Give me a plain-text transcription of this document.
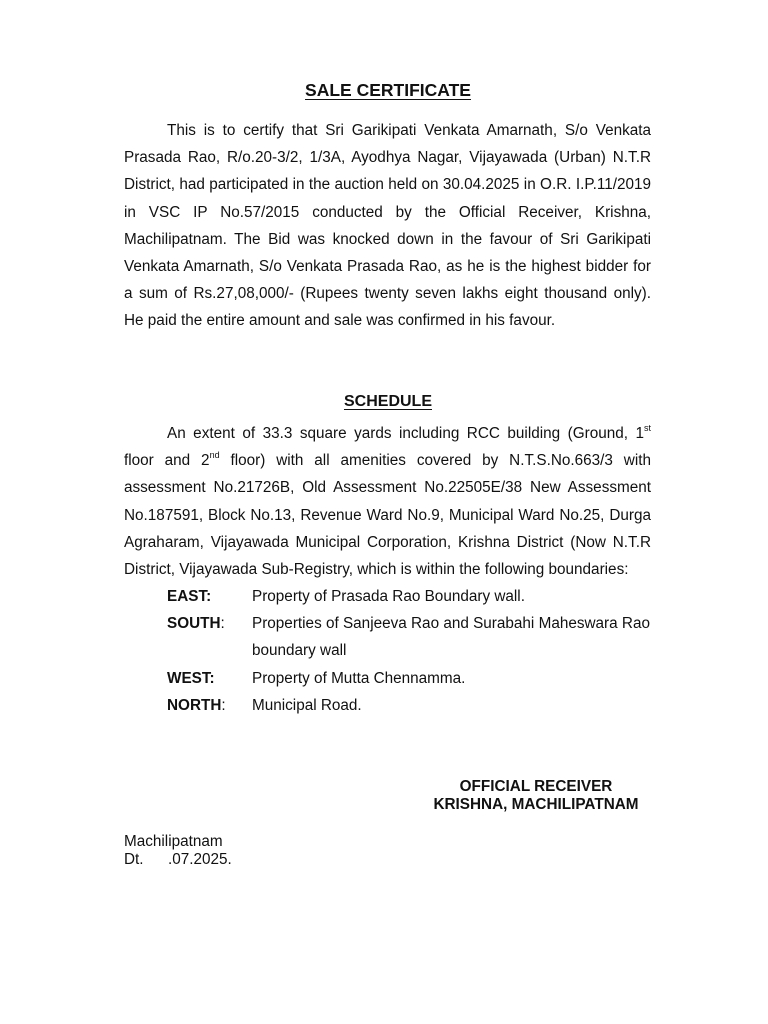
SALE CERTIFICATE
This is to certify that Sri Garikipati Venkata Amarnath, S/o Venkata Prasada Rao, R/o.20-3/2, 1/3A, Ayodhya Nagar, Vijayawada (Urban) N.T.R District, had participated in the auction held on 30.04.2025 in O.R. I.P.11/2019 in VSC IP No.57/2015 conducted by the Official Receiver, Krishna, Machilipatnam. The Bid was knocked down in the favour of Sri Garikipati Venkata Amarnath, S/o Venkata Prasada Rao, as he is the highest bidder for a sum of Rs.27,08,000/- (Rupees twenty seven lakhs eight thousand only). He paid the entire amount and sale was confirmed in his favour.
SCHEDULE
An extent of 33.3 square yards including RCC building (Ground, 1st floor and 2nd floor) with all amenities covered by N.T.S.No.663/3 with assessment No.21726B, Old Assessment No.22505E/38 New Assessment No.187591, Block No.13, Revenue Ward No.9, Municipal Ward No.25, Durga Agraharam, Vijayawada Municipal Corporation, Krishna District (Now N.T.R District, Vijayawada Sub-Registry, which is within the following boundaries:
EAST:	Property of Prasada Rao Boundary wall.
SOUTH:	Properties of Sanjeeva Rao and Surabahi Maheswara Rao boundary wall
WEST:	Property of Mutta Chennamma.
NORTH:	Municipal Road.
OFFICIAL RECEIVER
KRISHNA, MACHILIPATNAM
Machilipatnam
Dt.	.07.2025.
